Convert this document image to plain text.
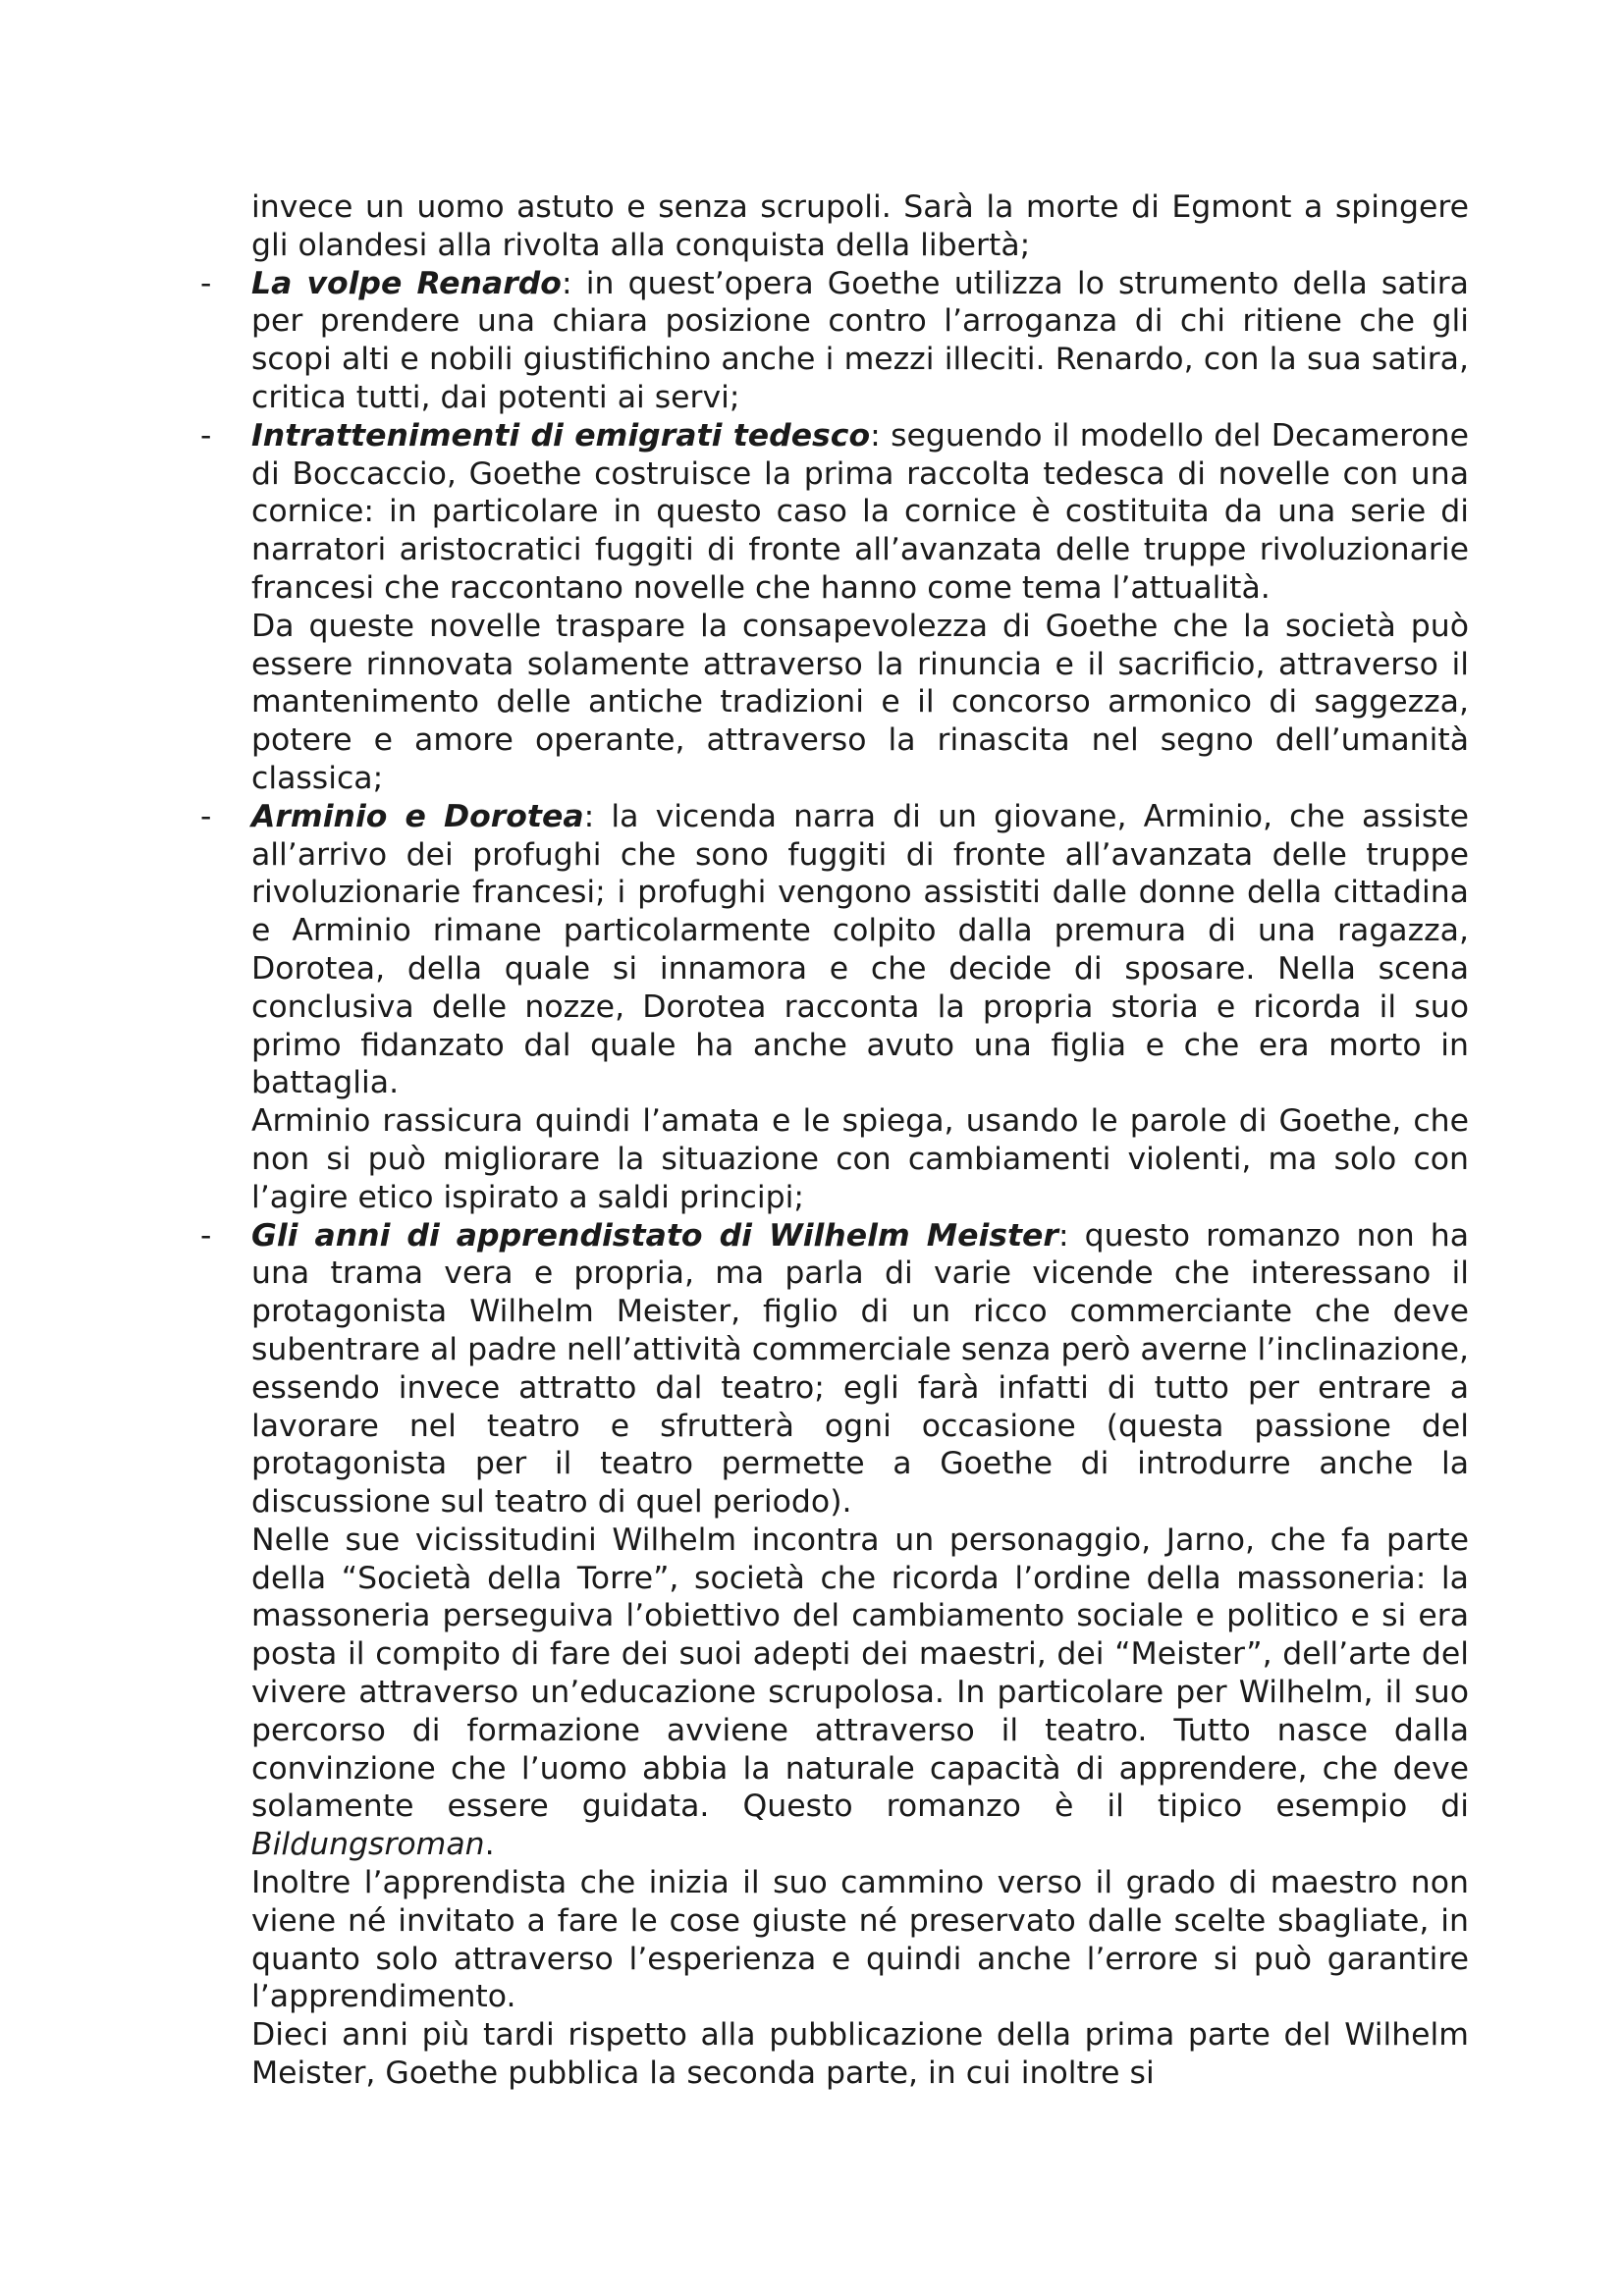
invece un uomo astuto e senza scrupoli. Sarà la morte di Egmont a spingere gli olandesi alla rivolta alla conquista della libertà;

- La volpe Renardo: in quest’opera Goethe utilizza lo strumento della satira per prendere una chiara posizione contro l’arroganza di chi ritiene che gli scopi alti e nobili giustifichino anche i mezzi illeciti. Renardo, con la sua satira, critica tutti, dai potenti ai servi;

- Intrattenimenti di emigrati tedesco: seguendo il modello del Decamerone di Boccaccio, Goethe costruisce la prima raccolta tedesca di novelle con una cornice: in particolare in questo caso la cornice è costituita da una serie di narratori aristocratici fuggiti di fronte all’avanzata delle truppe rivoluzionarie francesi che raccontano novelle che hanno come tema l’attualità.

Da queste novelle traspare la consapevolezza di Goethe che la società può essere rinnovata solamente attraverso la rinuncia e il sacrificio, attraverso il mantenimento delle antiche tradizioni e il concorso armonico di saggezza, potere e amore operante, attraverso la rinascita nel segno dell’umanità classica;

- Arminio e Dorotea: la vicenda narra di un giovane, Arminio, che assiste all’arrivo dei profughi che sono fuggiti di fronte all’avanzata delle truppe rivoluzionarie francesi; i profughi vengono assistiti dalle donne della cittadina e Arminio rimane particolarmente colpito dalla premura di una ragazza, Dorotea, della quale si innamora e che decide di sposare. Nella scena conclusiva delle nozze, Dorotea racconta la propria storia e ricorda il suo primo fidanzato dal quale ha anche avuto una figlia e che era morto in battaglia.

Arminio rassicura quindi l’amata e le spiega, usando le parole di Goethe, che non si può migliorare la situazione con cambiamenti violenti, ma solo con l’agire etico ispirato a saldi principi;

- Gli anni di apprendistato di Wilhelm Meister: questo romanzo non ha una trama vera e propria, ma parla di varie vicende che interessano il protagonista Wilhelm Meister, figlio di un ricco commerciante che deve subentrare al padre nell’attività commerciale senza però averne l’inclinazione, essendo invece attratto dal teatro; egli farà infatti di tutto per entrare a lavorare nel teatro e sfrutterà ogni occasione (questa passione del protagonista per il teatro permette a Goethe di introdurre anche la discussione sul teatro di quel periodo).

Nelle sue vicissitudini Wilhelm incontra un personaggio, Jarno, che fa parte della “Società della Torre”, società che ricorda l’ordine della massoneria: la massoneria perseguiva l’obiettivo del cambiamento sociale e politico e si era posta il compito di fare dei suoi adepti dei maestri, dei “Meister”, dell’arte del vivere attraverso un’educazione scrupolosa. In particolare per Wilhelm, il suo percorso di formazione avviene attraverso il teatro. Tutto nasce dalla convinzione che l’uomo abbia la naturale capacità di apprendere, che deve solamente essere guidata. Questo romanzo è il tipico esempio di Bildungsroman.

Inoltre l’apprendista che inizia il suo cammino verso il grado di maestro non viene né invitato a fare le cose giuste né preservato dalle scelte sbagliate, in quanto solo attraverso l’esperienza e quindi anche l’errore si può garantire l’apprendimento.

Dieci anni più tardi rispetto alla pubblicazione della prima parte del Wilhelm Meister, Goethe pubblica la seconda parte, in cui inoltre si
